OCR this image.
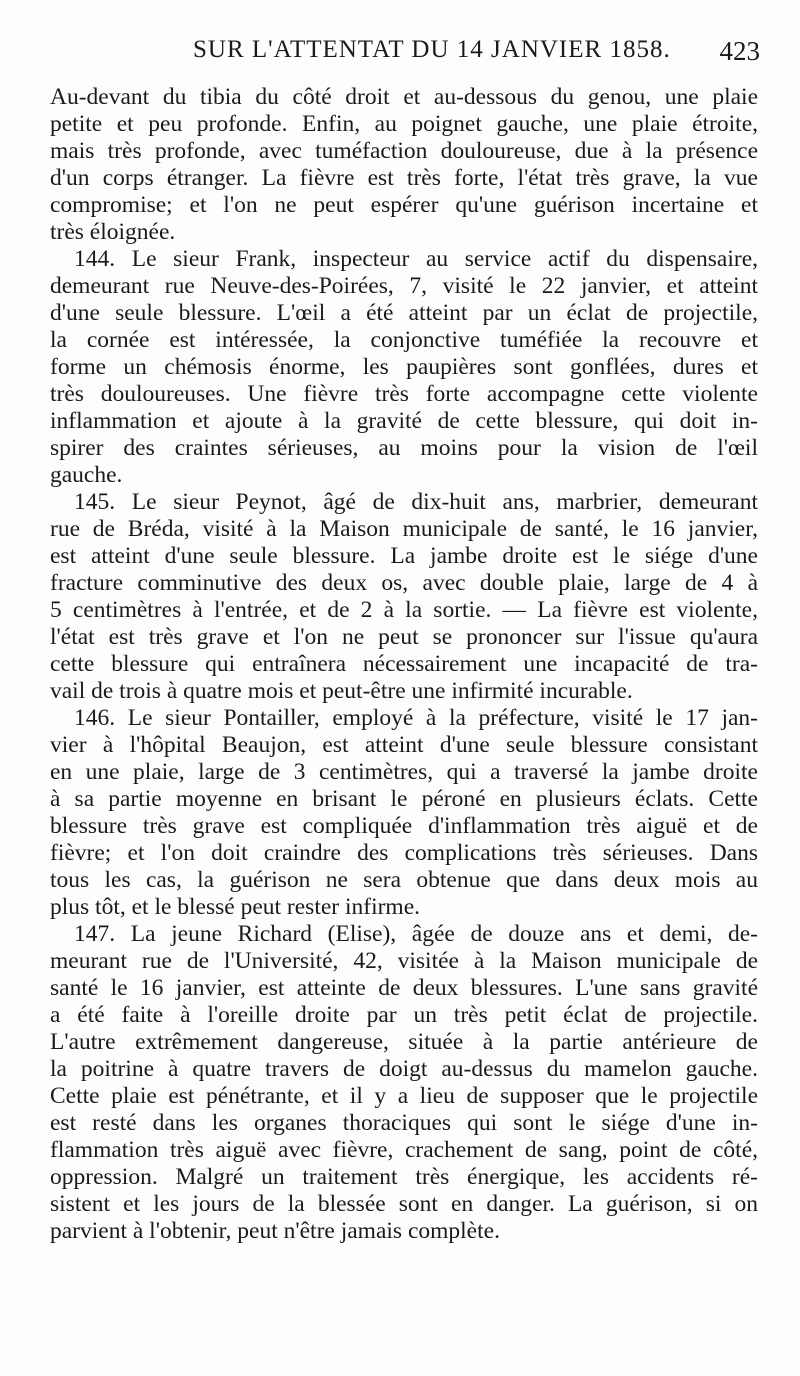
SUR L'ATTENTAT DU 14 JANVIER 1858. 423
Au-devant du tibia du côté droit et au-dessous du genou, une plaie
petite et peu profonde. Enfin, au poignet gauche, une plaie étroite,
mais très profonde, avec tuméfaction douloureuse, due à la présence
d'un corps étranger. La fièvre est très forte, l'état très grave, la vue
compromise; et l'on ne peut espérer qu'une guérison incertaine et
très éloignée.
144. Le sieur Frank, inspecteur au service actif du dispensaire,
demeurant rue Neuve-des-Poirées, 7, visité le 22 janvier, et atteint
d'une seule blessure. L'œil a été atteint par un éclat de projectile,
la cornée est intéressée, la conjonctive tuméfiée la recouvre et
forme un chémosis énorme, les paupières sont gonflées, dures et
très douloureuses. Une fièvre très forte accompagne cette violente
inflammation et ajoute à la gravité de cette blessure, qui doit in-
spirer des craintes sérieuses, au moins pour la vision de l'œil
gauche.
145. Le sieur Peynot, âgé de dix-huit ans, marbrier, demeurant
rue de Bréda, visité à la Maison municipale de santé, le 16 janvier,
est atteint d'une seule blessure. La jambe droite est le siége d'une
fracture comminutive des deux os, avec double plaie, large de 4 à
5 centimètres à l'entrée, et de 2 à la sortie. — La fièvre est violente,
l'état est très grave et l'on ne peut se prononcer sur l'issue qu'aura
cette blessure qui entraînera nécessairement une incapacité de tra-
vail de trois à quatre mois et peut-être une infirmité incurable.
146. Le sieur Pontailler, employé à la préfecture, visité le 17 jan-
vier à l'hôpital Beaujon, est atteint d'une seule blessure consistant
en une plaie, large de 3 centimètres, qui a traversé la jambe droite
à sa partie moyenne en brisant le péroné en plusieurs éclats. Cette
blessure très grave est compliquée d'inflammation très aiguë et de
fièvre; et l'on doit craindre des complications très sérieuses. Dans
tous les cas, la guérison ne sera obtenue que dans deux mois au
plus tôt, et le blessé peut rester infirme.
147. La jeune Richard (Elise), âgée de douze ans et demi, de-
meurant rue de l'Université, 42, visitée à la Maison municipale de
santé le 16 janvier, est atteinte de deux blessures. L'une sans gravité
a été faite à l'oreille droite par un très petit éclat de projectile.
L'autre extrêmement dangereuse, située à la partie antérieure de
la poitrine à quatre travers de doigt au-dessus du mamelon gauche.
Cette plaie est pénétrante, et il y a lieu de supposer que le projectile
est resté dans les organes thoraciques qui sont le siége d'une in-
flammation très aiguë avec fièvre, crachement de sang, point de côté,
oppression. Malgré un traitement très énergique, les accidents ré-
sistent et les jours de la blessée sont en danger. La guérison, si on
parvient à l'obtenir, peut n'être jamais complète.
